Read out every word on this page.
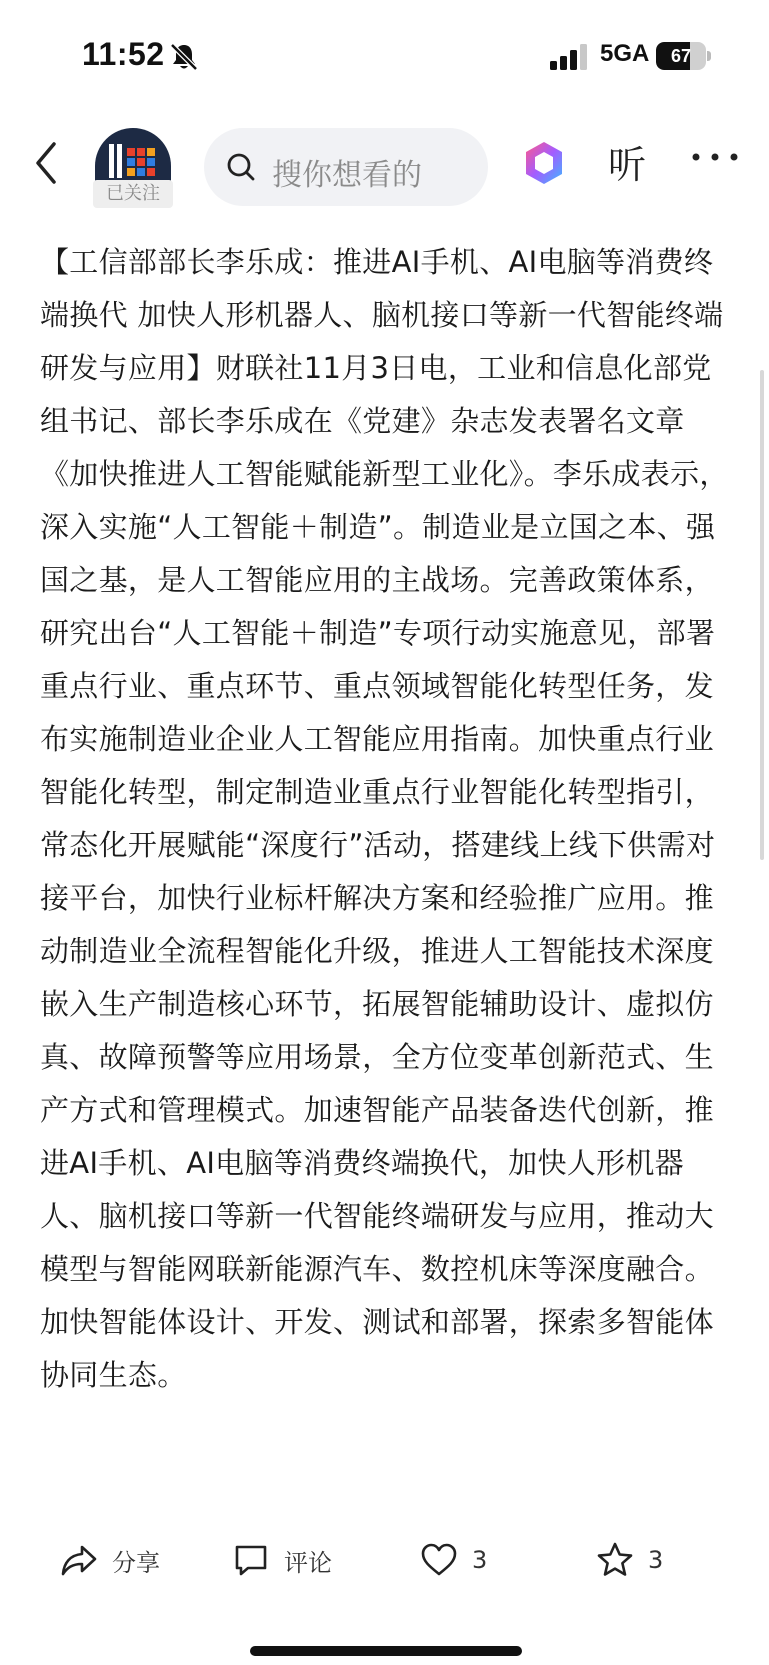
11:52	5GA	67
已关注
搜你想看的	听
【工信部部长李乐成：推进AI手机、AI电脑等消费终端换代 加快人形机器人、脑机接口等新一代智能终端研发与应用】财联社11月3日电，工业和信息化部党组书记、部长李乐成在《党建》杂志发表署名文章《加快推进人工智能赋能新型工业化》。李乐成表示，深入实施“人工智能＋制造”。制造业是立国之本、强国之基，是人工智能应用的主战场。完善政策体系，研究出台“人工智能＋制造”专项行动实施意见，部署重点行业、重点环节、重点领域智能化转型任务，发布实施制造业企业人工智能应用指南。加快重点行业智能化转型，制定制造业重点行业智能化转型指引，常态化开展赋能“深度行”活动，搭建线上线下供需对接平台，加快行业标杆解决方案和经验推广应用。推动制造业全流程智能化升级，推进人工智能技术深度嵌入生产制造核心环节，拓展智能辅助设计、虚拟仿真、故障预警等应用场景，全方位变革创新范式、生产方式和管理模式。加速智能产品装备迭代创新，推进AI手机、AI电脑等消费终端换代，加快人形机器人、脑机接口等新一代智能终端研发与应用，推动大模型与智能网联新能源汽车、数控机床等深度融合。加快智能体设计、开发、测试和部署，探索多智能体协同生态。
分享	评论	3	3
